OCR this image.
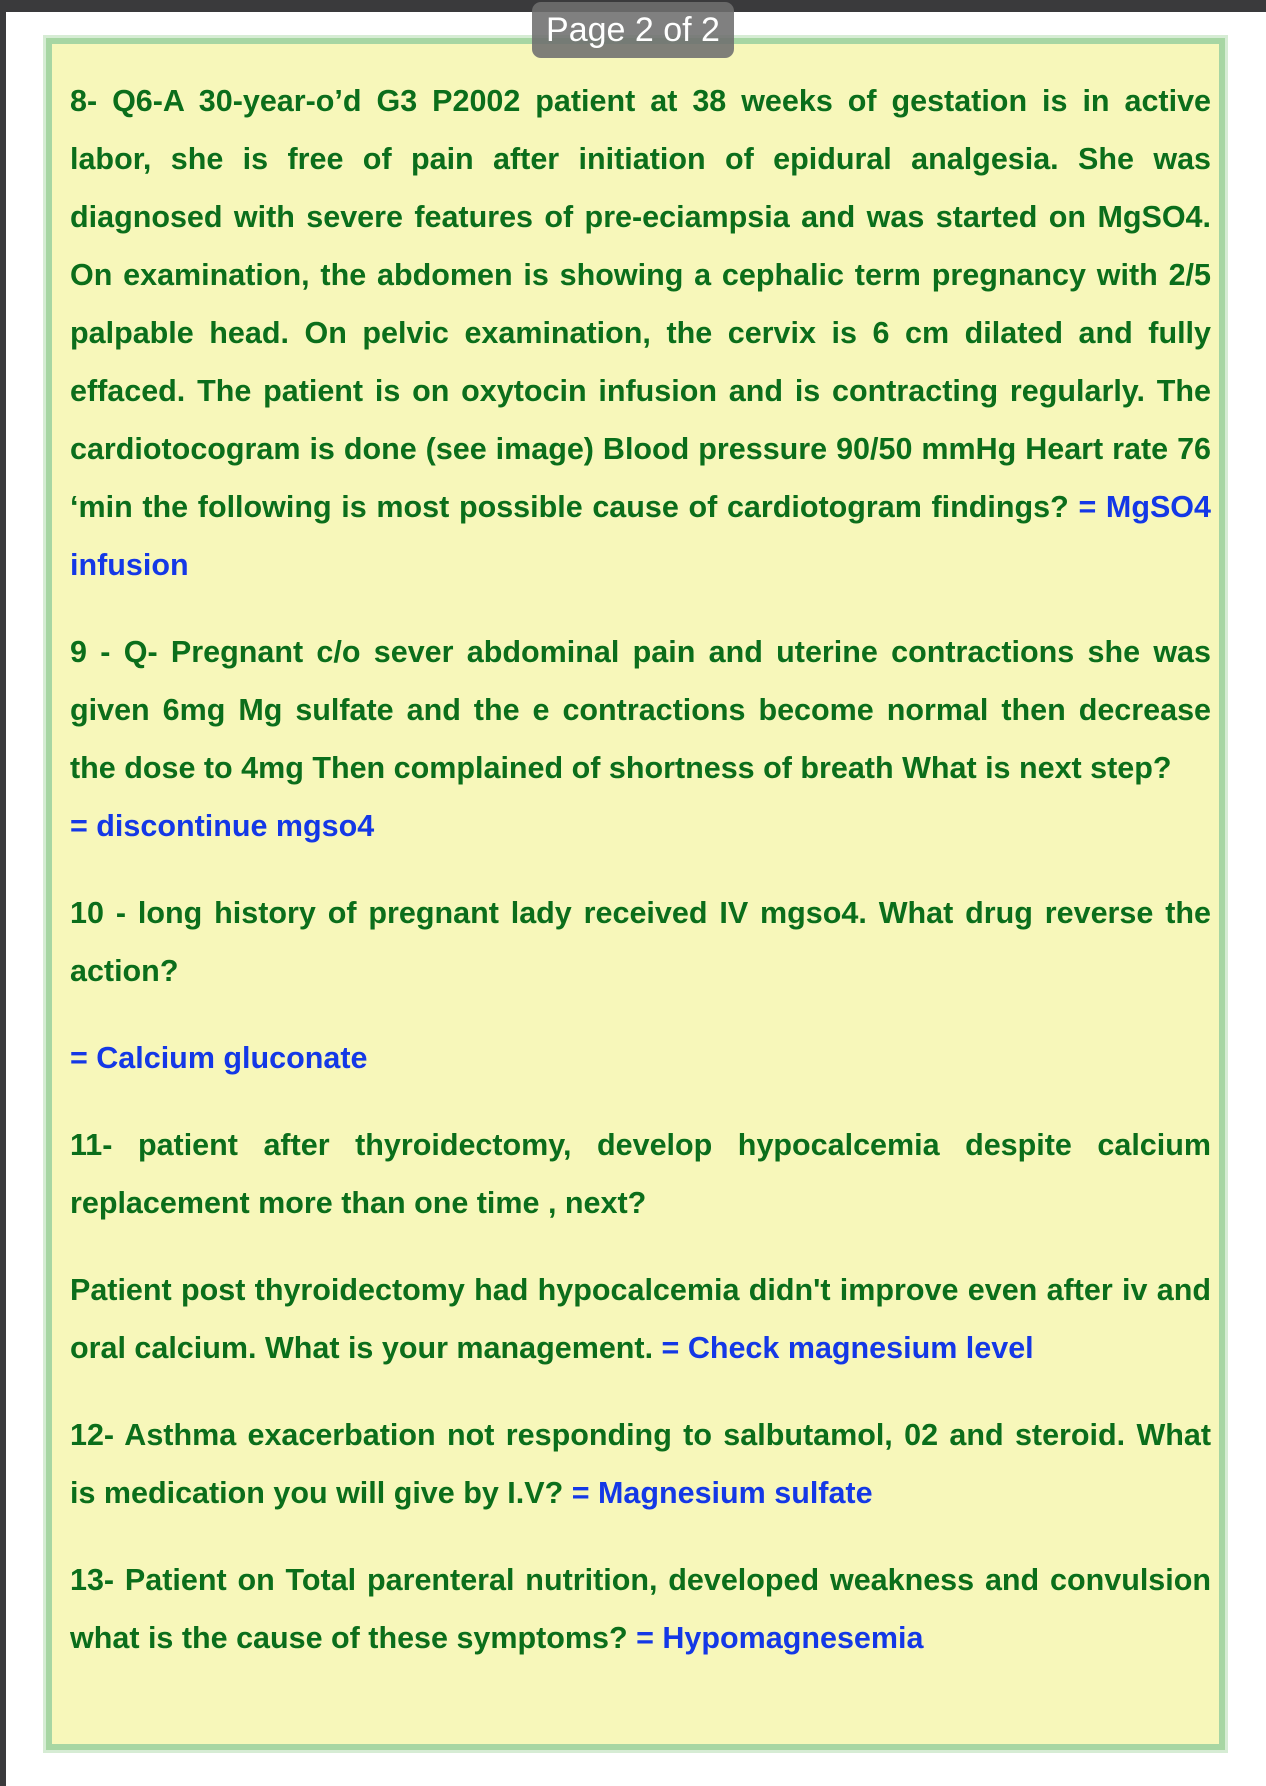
Page 2 of 2

8- Q6-A 30-year-o’d G3 P2002 patient at 38 weeks of gestation is in active labor, she is free of pain after initiation of epidural analgesia. She was diagnosed with severe features of pre-eciampsia and was started on MgSO4. On examination, the abdomen is showing a cephalic term pregnancy with 2/5 palpable head. On pelvic examination, the cervix is 6 cm dilated and fully effaced. The patient is on oxytocin infusion and is contracting regularly. The cardiotocogram is done (see image) Blood pressure 90/50 mmHg Heart rate 76 ‘min the following is most possible cause of cardiotogram findings? = MgSO4 infusion

9 - Q- Pregnant c/o sever abdominal pain and uterine contractions she was given 6mg Mg sulfate and the e contractions become normal then decrease the dose to 4mg Then complained of shortness of breath What is next step?
= discontinue mgso4

10 - long history of pregnant lady received IV mgso4. What drug reverse the action?

= Calcium gluconate

11- patient after thyroidectomy, develop hypocalcemia despite calcium replacement more than one time , next?

Patient post thyroidectomy had hypocalcemia didn't improve even after iv and oral calcium. What is your management. = Check magnesium level

12- Asthma exacerbation not responding to salbutamol, 02 and steroid. What is medication you will give by I.V? = Magnesium sulfate

13- Patient on Total parenteral nutrition, developed weakness and convulsion what is the cause of these symptoms? = Hypomagnesemia
